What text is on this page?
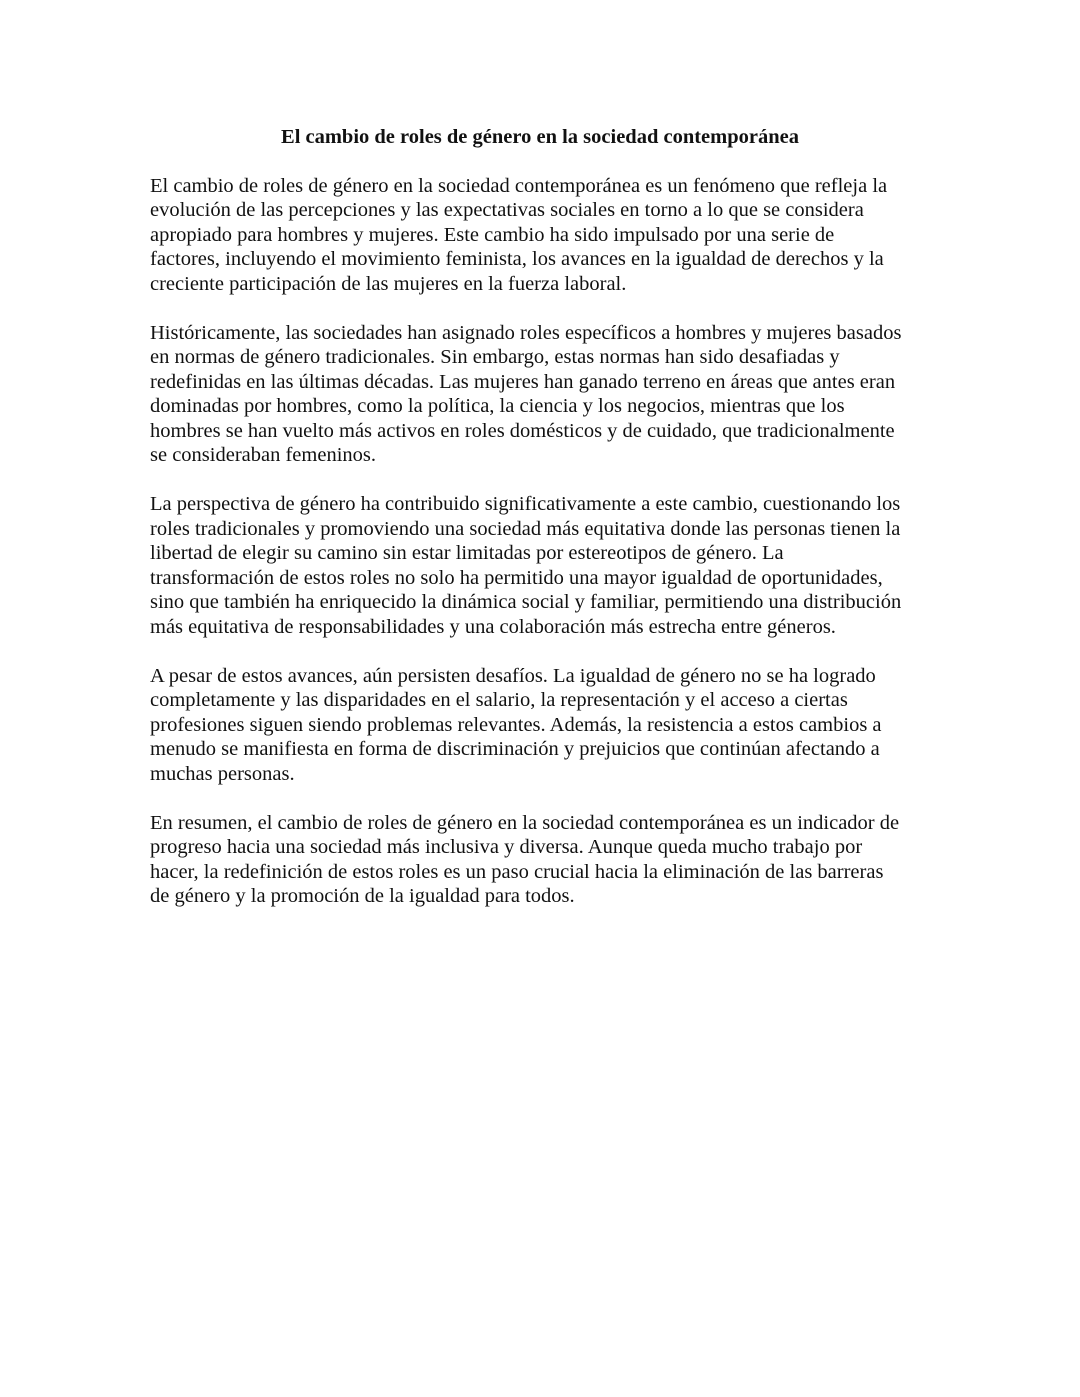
El cambio de roles de género en la sociedad contemporánea

El cambio de roles de género en la sociedad contemporánea es un fenómeno que refleja la
evolución de las percepciones y las expectativas sociales en torno a lo que se considera
apropiado para hombres y mujeres. Este cambio ha sido impulsado por una serie de
factores, incluyendo el movimiento feminista, los avances en la igualdad de derechos y la
creciente participación de las mujeres en la fuerza laboral.

Históricamente, las sociedades han asignado roles específicos a hombres y mujeres basados
en normas de género tradicionales. Sin embargo, estas normas han sido desafiadas y
redefinidas en las últimas décadas. Las mujeres han ganado terreno en áreas que antes eran
dominadas por hombres, como la política, la ciencia y los negocios, mientras que los
hombres se han vuelto más activos en roles domésticos y de cuidado, que tradicionalmente
se consideraban femeninos.

La perspectiva de género ha contribuido significativamente a este cambio, cuestionando los
roles tradicionales y promoviendo una sociedad más equitativa donde las personas tienen la
libertad de elegir su camino sin estar limitadas por estereotipos de género. La
transformación de estos roles no solo ha permitido una mayor igualdad de oportunidades,
sino que también ha enriquecido la dinámica social y familiar, permitiendo una distribución
más equitativa de responsabilidades y una colaboración más estrecha entre géneros.

A pesar de estos avances, aún persisten desafíos. La igualdad de género no se ha logrado
completamente y las disparidades en el salario, la representación y el acceso a ciertas
profesiones siguen siendo problemas relevantes. Además, la resistencia a estos cambios a
menudo se manifiesta en forma de discriminación y prejuicios que continúan afectando a
muchas personas.

En resumen, el cambio de roles de género en la sociedad contemporánea es un indicador de
progreso hacia una sociedad más inclusiva y diversa. Aunque queda mucho trabajo por
hacer, la redefinición de estos roles es un paso crucial hacia la eliminación de las barreras
de género y la promoción de la igualdad para todos.
